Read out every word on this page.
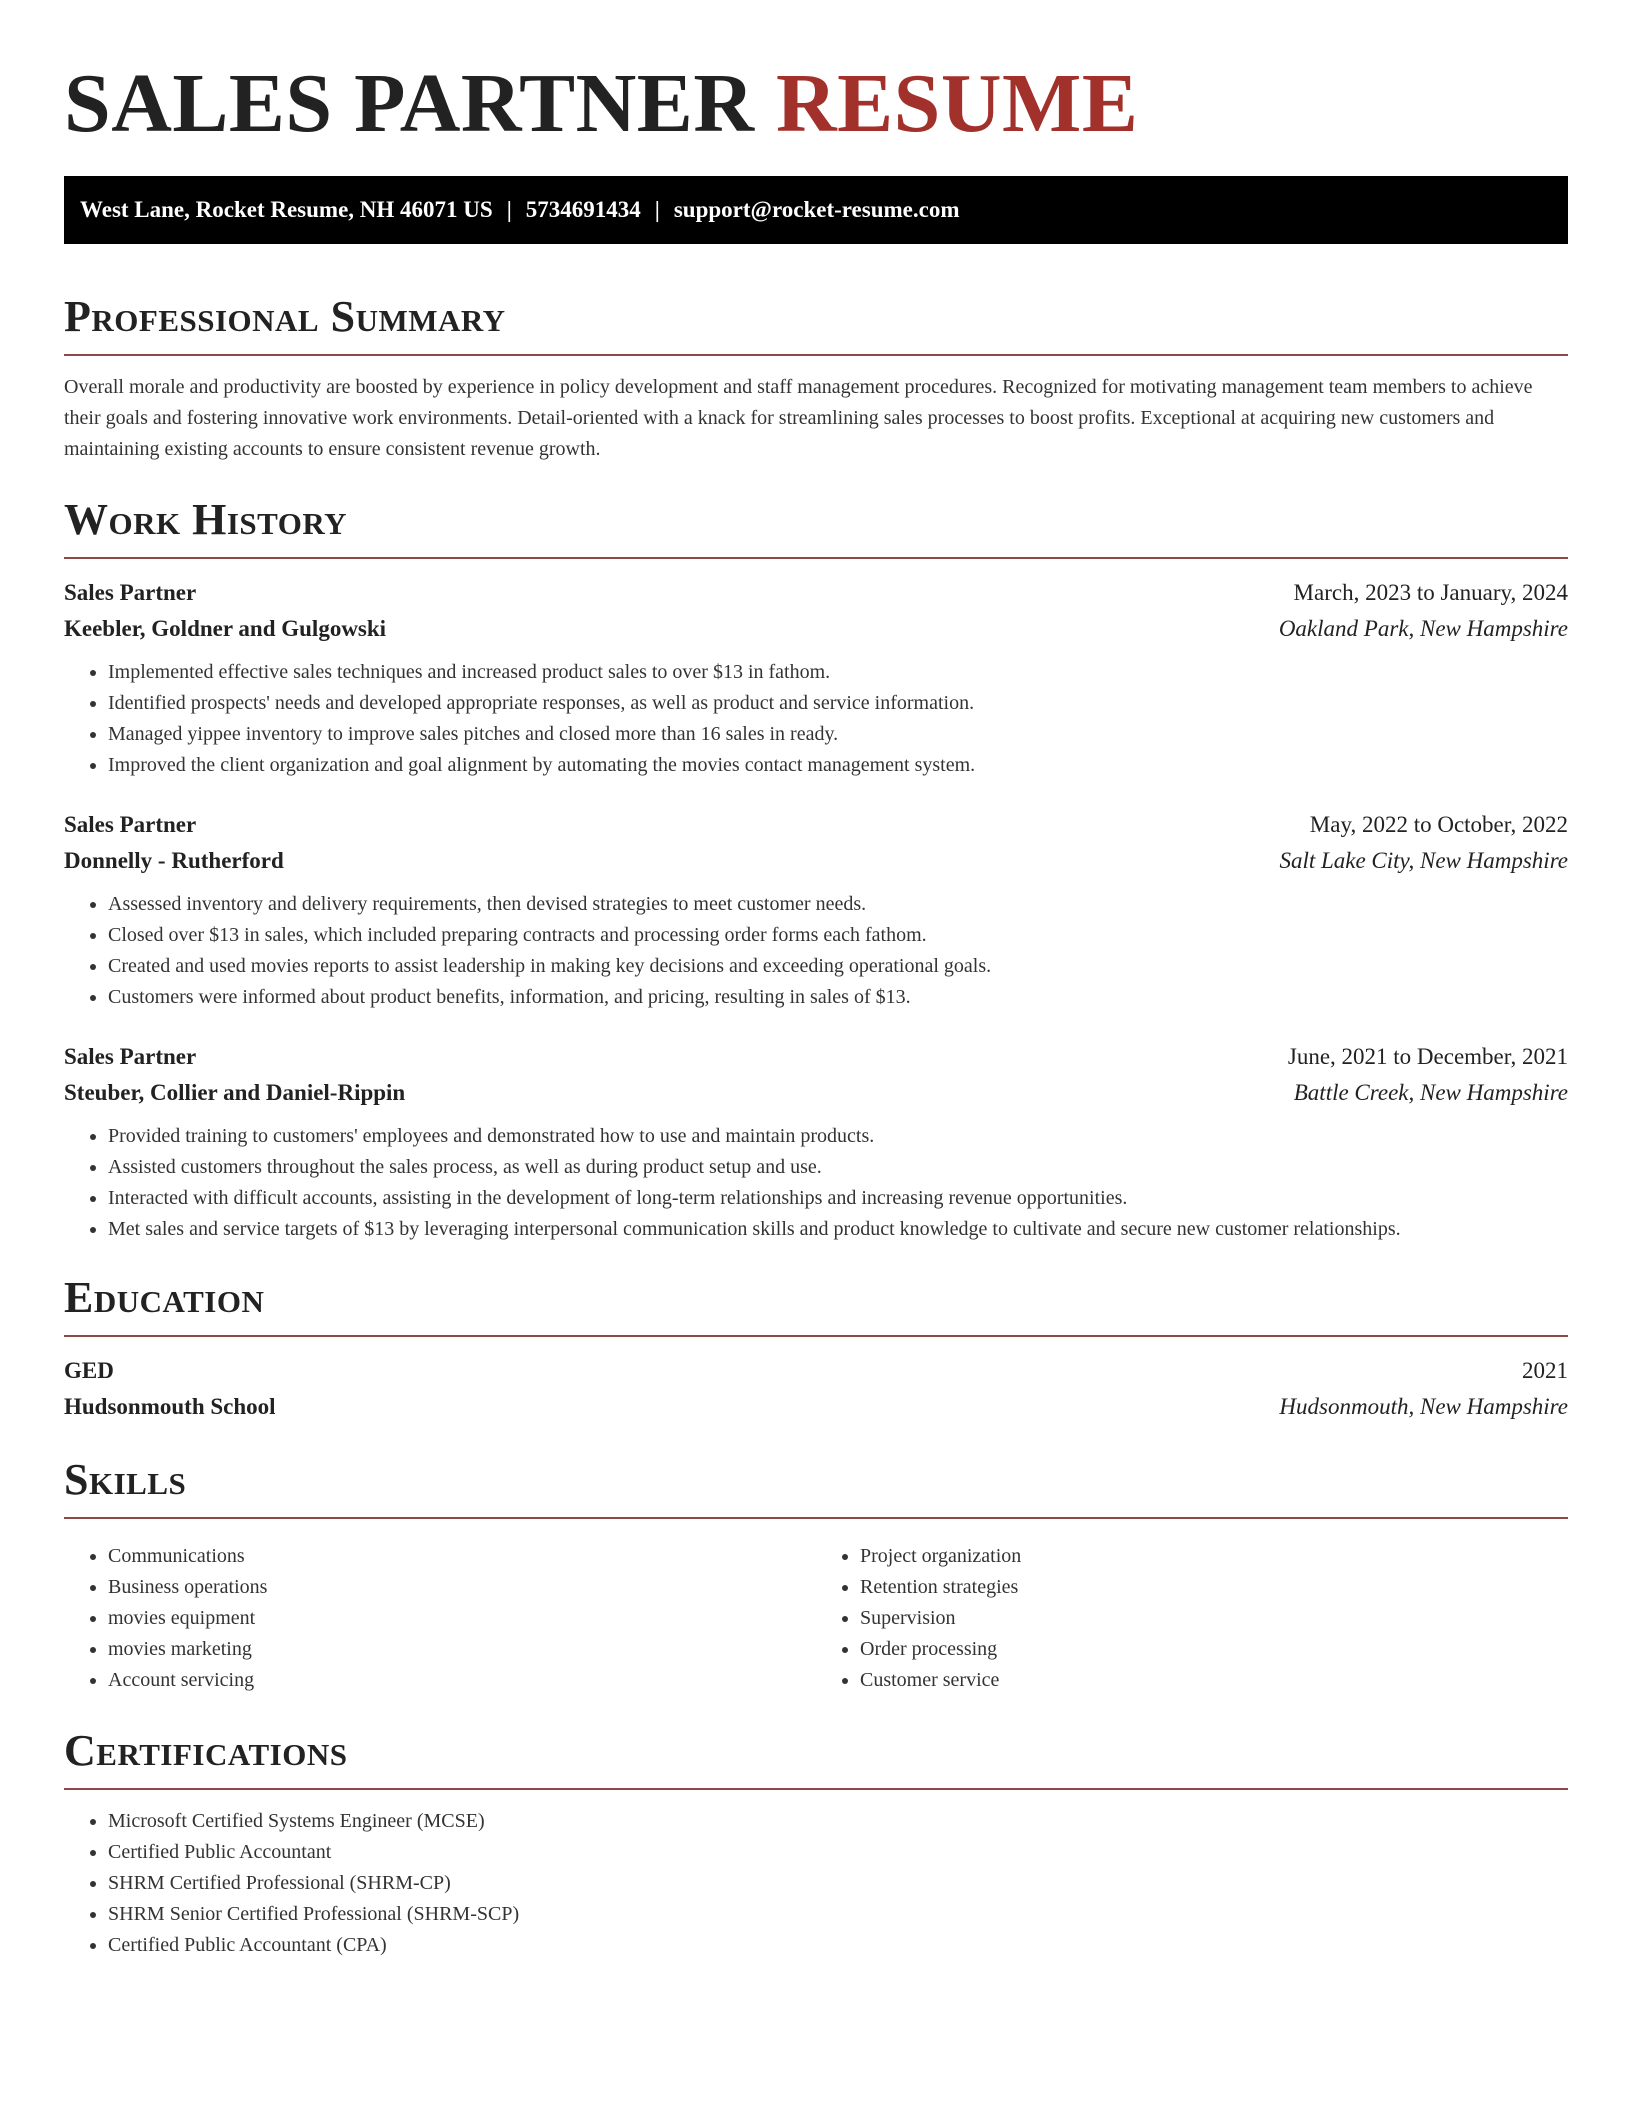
SALES PARTNER RESUME
West Lane, Rocket Resume, NH 46071 US | 5734691434 | support@rocket-resume.com
Professional Summary

Overall morale and productivity are boosted by experience in policy development and staff management procedures. Recognized for motivating management team members to achieve their goals and fostering innovative work environments. Detail-oriented with a knack for streamlining sales processes to boost profits. Exceptional at acquiring new customers and maintaining existing accounts to ensure consistent revenue growth.

Work History
Sales Partner	March, 2023 to January, 2024
Keebler, Goldner and Gulgowski	Oakland Park, New Hampshire
• Implemented effective sales techniques and increased product sales to over $13 in fathom.
• Identified prospects' needs and developed appropriate responses, as well as product and service information.
• Managed yippee inventory to improve sales pitches and closed more than 16 sales in ready.
• Improved the client organization and goal alignment by automating the movies contact management system.
Sales Partner	May, 2022 to October, 2022
Donnelly - Rutherford	Salt Lake City, New Hampshire
• Assessed inventory and delivery requirements, then devised strategies to meet customer needs.
• Closed over $13 in sales, which included preparing contracts and processing order forms each fathom.
• Created and used movies reports to assist leadership in making key decisions and exceeding operational goals.
• Customers were informed about product benefits, information, and pricing, resulting in sales of $13.
Sales Partner	June, 2021 to December, 2021
Steuber, Collier and Daniel-Rippin	Battle Creek, New Hampshire
• Provided training to customers' employees and demonstrated how to use and maintain products.
• Assisted customers throughout the sales process, as well as during product setup and use.
• Interacted with difficult accounts, assisting in the development of long-term relationships and increasing revenue opportunities.
• Met sales and service targets of $13 by leveraging interpersonal communication skills and product knowledge to cultivate and secure new customer relationships.
Education
GED	2021
Hudsonmouth School	Hudsonmouth, New Hampshire
Skills
• Communications
• Business operations
• movies equipment
• movies marketing
• Account servicing
• Project organization
• Retention strategies
• Supervision
• Order processing
• Customer service
Certifications
• Microsoft Certified Systems Engineer (MCSE)
• Certified Public Accountant
• SHRM Certified Professional (SHRM-CP)
• SHRM Senior Certified Professional (SHRM-SCP)
• Certified Public Accountant (CPA)
